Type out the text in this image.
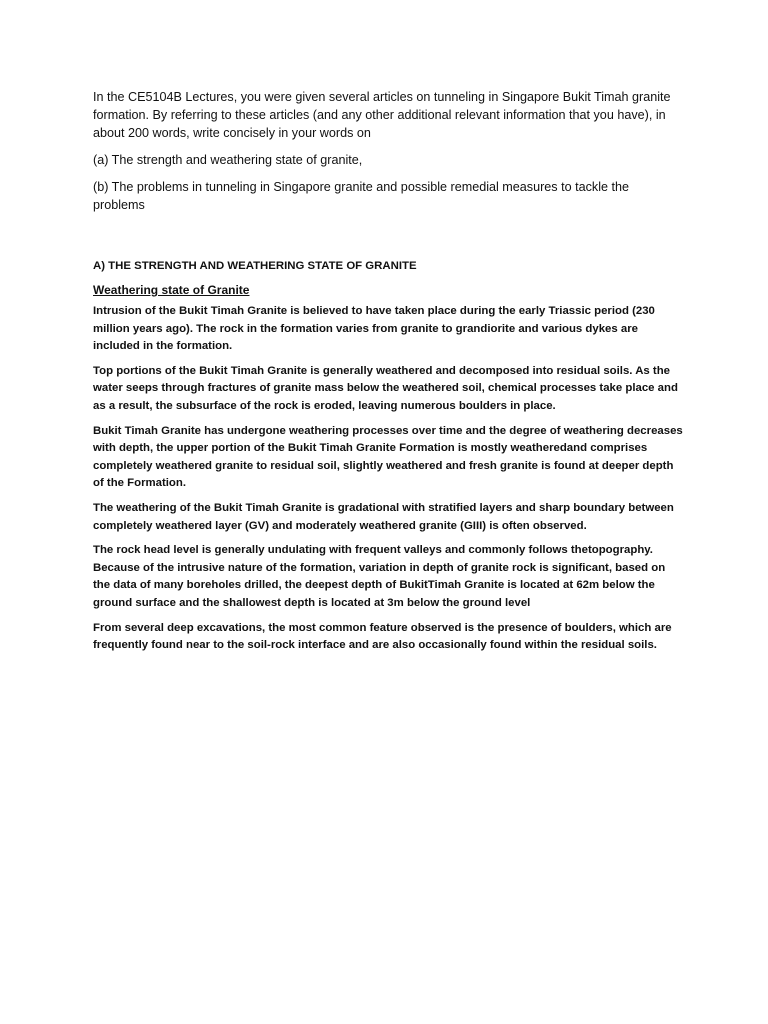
In the CE5104B Lectures, you were given several articles on tunneling in Singapore Bukit Timah granite formation. By referring to these articles (and any other additional relevant information that you have), in about 200 words, write concisely in your words on

(a) The strength and weathering state of granite,

(b) The problems in tunneling in Singapore granite and possible remedial measures to tackle the problems

A) THE STRENGTH AND WEATHERING STATE OF GRANITE
Weathering state of Granite

Intrusion of the Bukit Timah Granite is believed to have taken place during the early Triassic period (230 million years ago). The rock in the formation varies from granite to grandiorite and various dykes are included in the formation.

Top portions of the Bukit Timah Granite is generally weathered and decomposed into residual soils. As the water seeps through fractures of granite mass below the weathered soil, chemical processes take place and as a result, the subsurface of the rock is eroded, leaving numerous boulders in place.

Bukit Timah Granite has undergone weathering processes over time and the degree of weathering decreases with depth, the upper portion of the Bukit Timah Granite Formation is mostly weatheredand comprises completely weathered granite to residual soil, slightly weathered and fresh granite is found at deeper depth of the Formation.

The weathering of the Bukit Timah Granite is gradational with stratified layers and sharp boundary between completely weathered layer (GV) and moderately weathered granite (GIII) is often observed.

The rock head level is generally undulating with frequent valleys and commonly follows thetopography. Because of the intrusive nature of the formation, variation in depth of granite rock is significant, based on the data of many boreholes drilled, the deepest depth of BukitTimah Granite is located at 62m below the ground surface and the shallowest depth is located at 3m below the ground level

From several deep excavations, the most common feature observed is the presence of boulders, which are frequently found near to the soil-rock interface and are also occasionally found within the residual soils.
